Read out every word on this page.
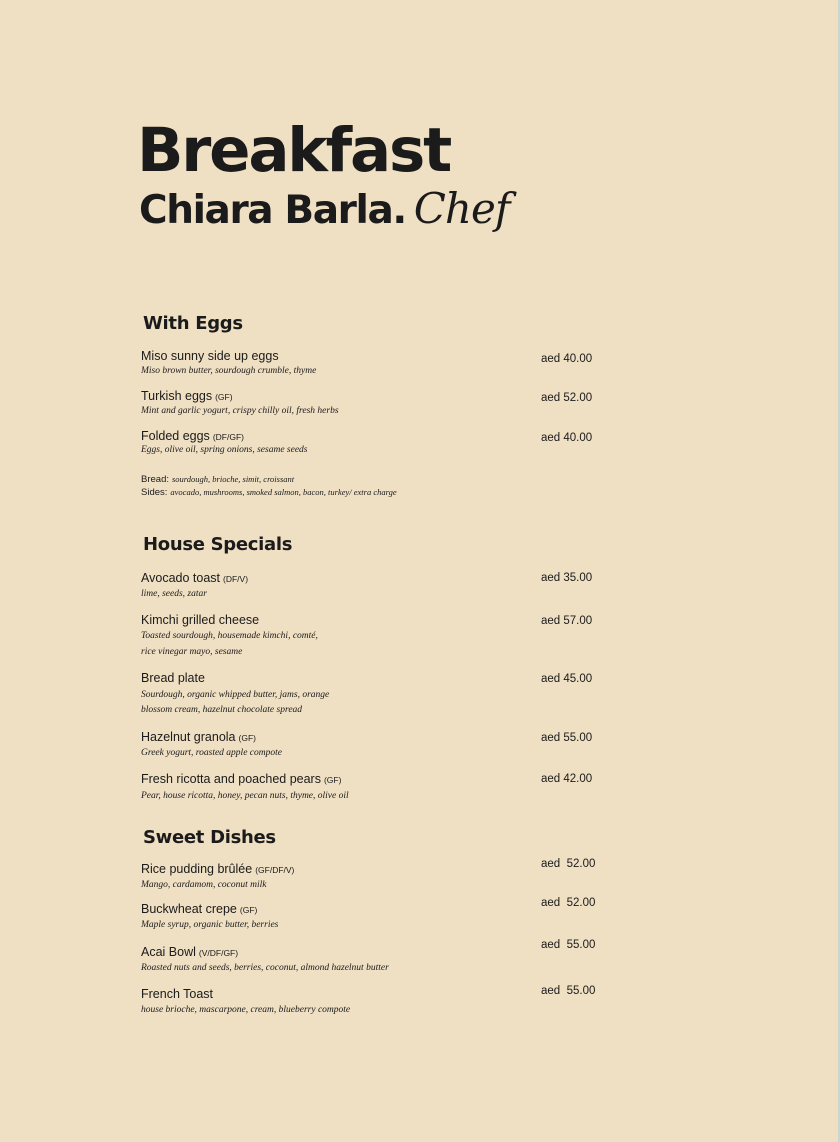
Breakfast
Chiara Barla. Chef
With Eggs
Miso sunny side up eggs
Miso brown butter, sourdough crumble, thyme
aed 40.00
Turkish eggs (GF)
Mint and garlic yogurt, crispy chilly oil, fresh herbs
aed 52.00
Folded eggs (DF/GF)
Eggs, olive oil, spring onions, sesame seeds
aed 40.00
Bread: sourdough, brioche, simit, croissant
Sides: avocado, mushrooms, smoked salmon, bacon, turkey/ extra charge
House Specials
Avocado toast (DF/V)
lime, seeds, zatar
aed 35.00
Kimchi grilled cheese
Toasted sourdough, housemade kimchi, comté,
rice vinegar mayo, sesame
aed 57.00
Bread plate
Sourdough, organic whipped butter, jams, orange
blossom cream, hazelnut chocolate spread
aed 45.00
Hazelnut granola (GF)
Greek yogurt, roasted apple compote
aed 55.00
Fresh ricotta and poached pears (GF)
Pear, house ricotta, honey, pecan nuts, thyme, olive oil
aed 42.00
Sweet Dishes
Rice pudding brûlée (GF/DF/V)
Mango, cardamom, coconut milk
aed  52.00
Buckwheat crepe (GF)
Maple syrup, organic butter, berries
aed  52.00
Acai Bowl (V/DF/GF)
Roasted nuts and seeds, berries, coconut, almond hazelnut butter
aed  55.00
French Toast
house brioche, mascarpone, cream, blueberry compote
aed  55.00
